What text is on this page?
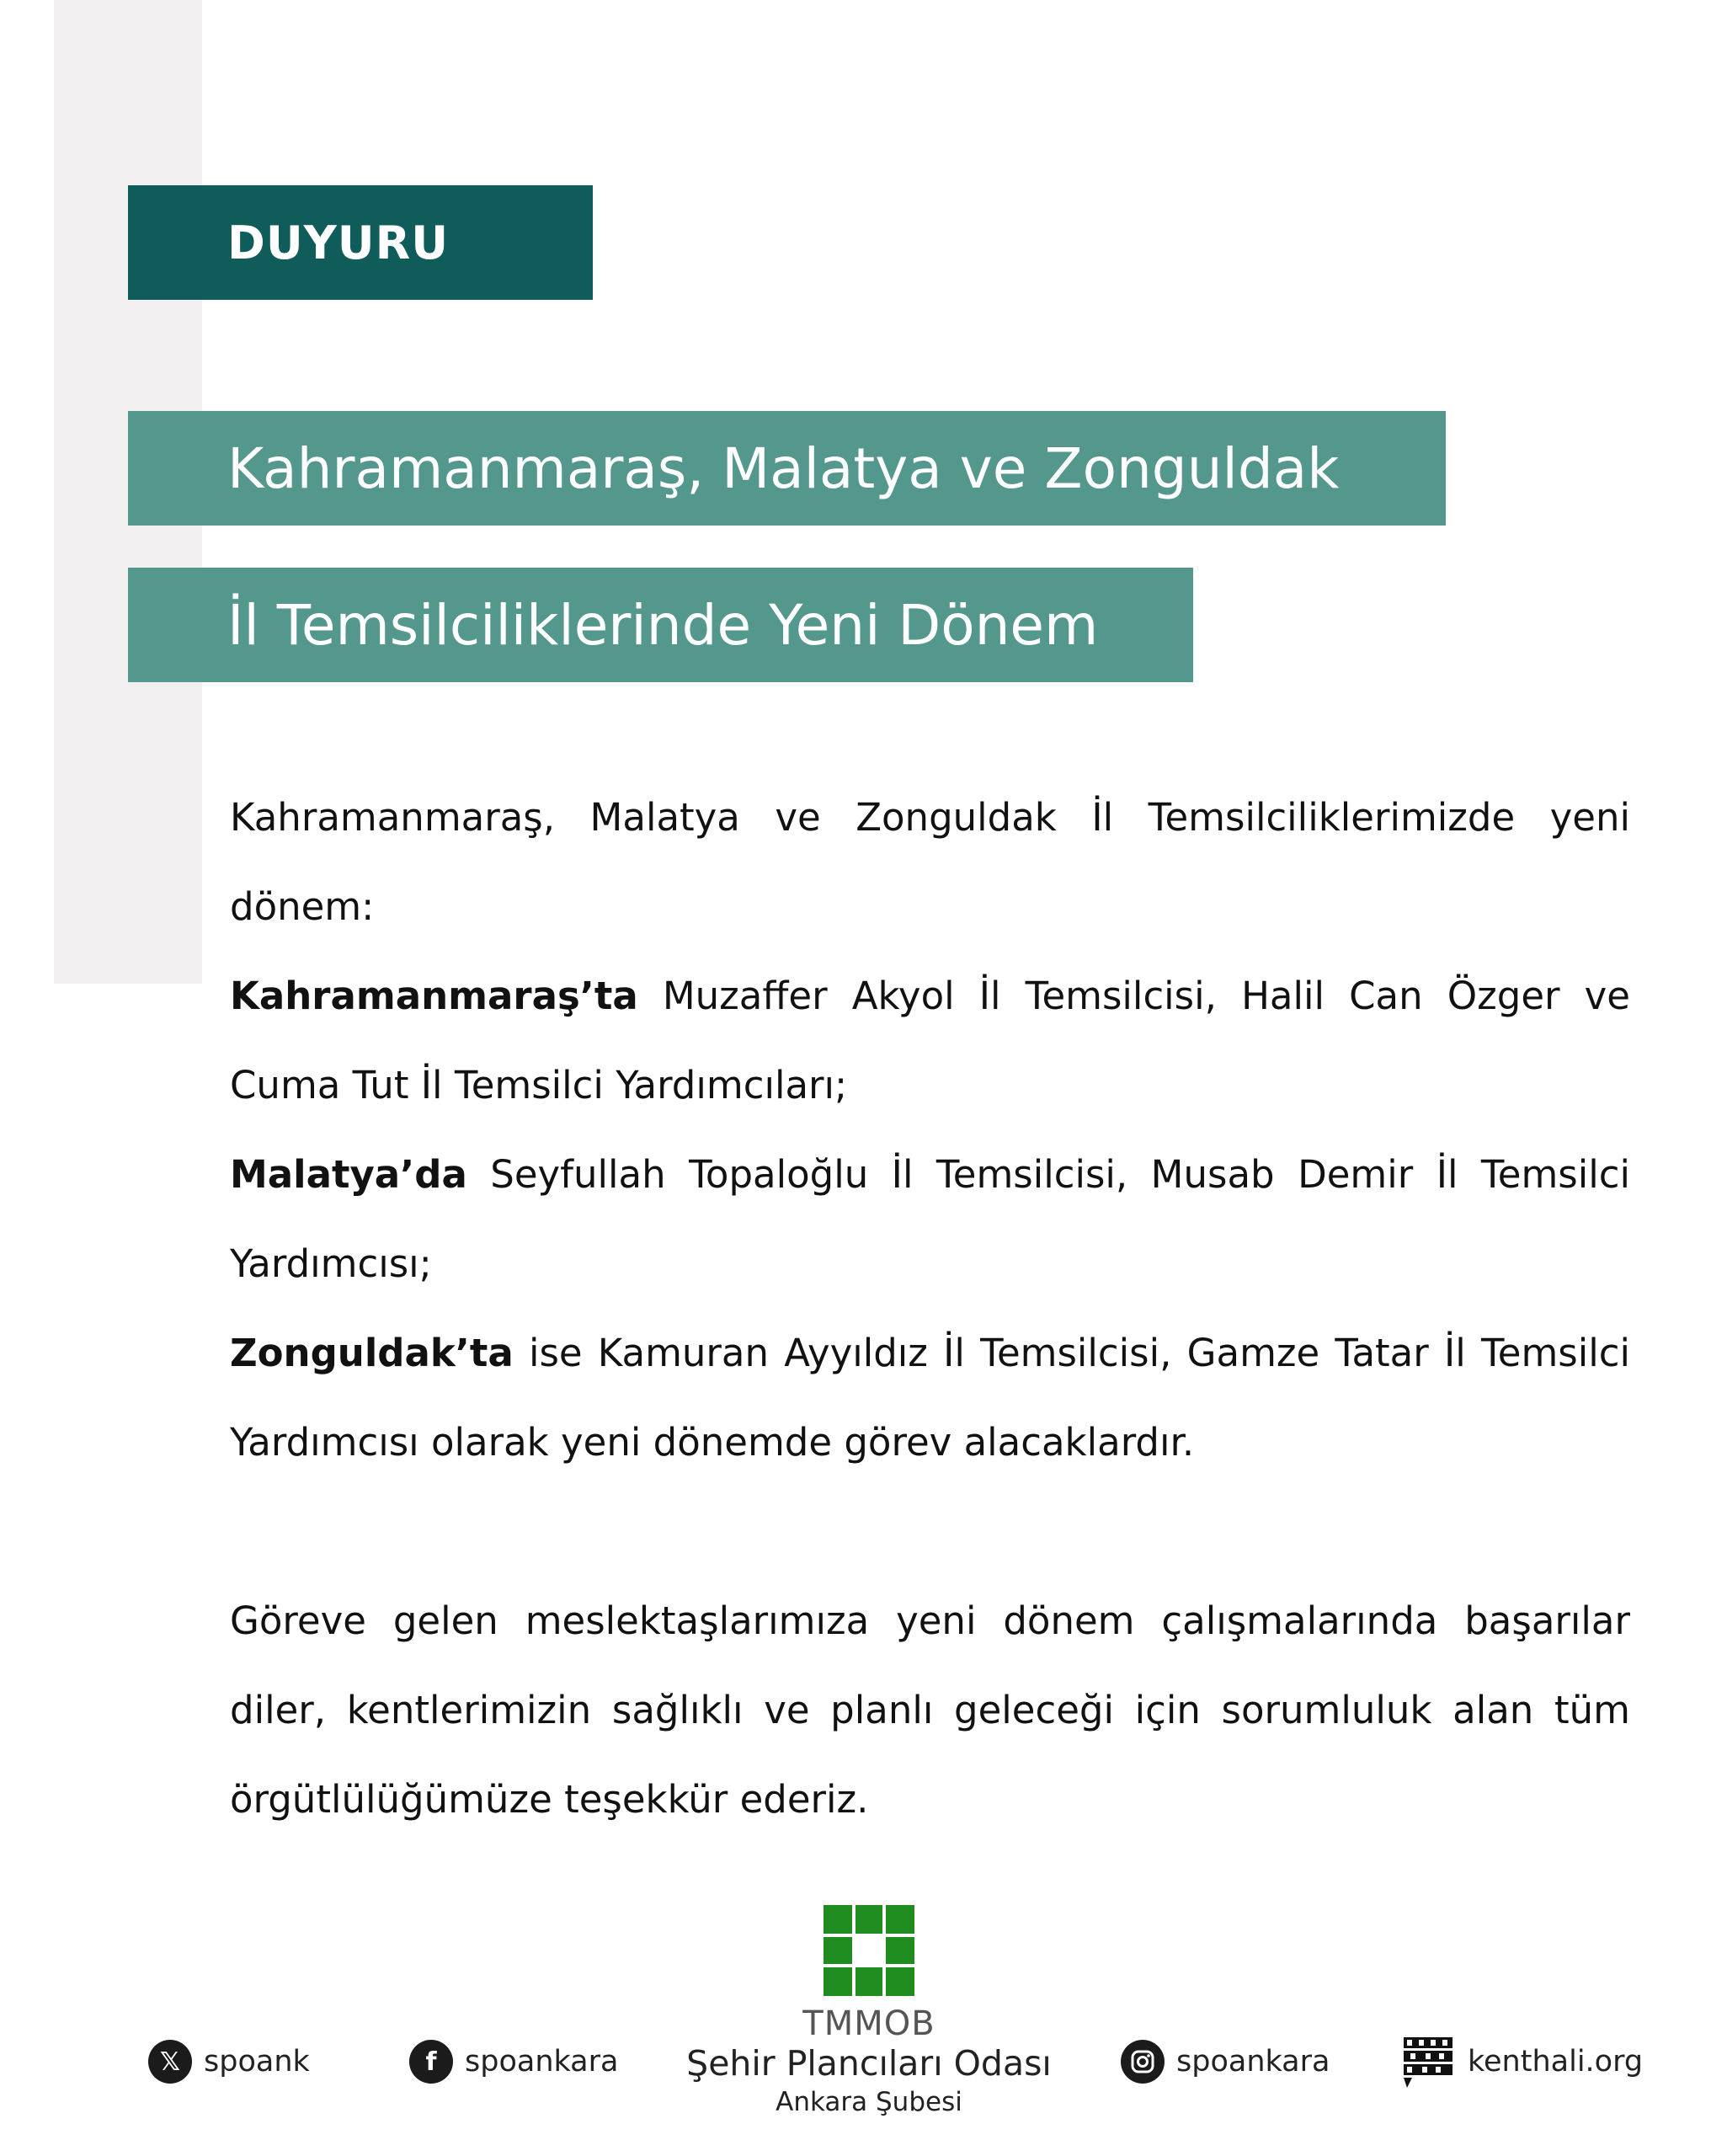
DUYURU
Kahramanmaraş, Malatya ve Zonguldak
İl Temsilciliklerinde Yeni Dönem

Kahramanmaraş, Malatya ve Zonguldak İl Temsilciliklerimizde yeni dönem:

Kahramanmaraş’ta Muzaffer Akyol İl Temsilcisi, Halil Can Özger ve Cuma Tut İl Temsilci Yardımcıları;

Malatya’da Seyfullah Topaloğlu İl Temsilcisi, Musab Demir İl Temsilci Yardımcısı;

Zonguldak’ta ise Kamuran Ayyıldız İl Temsilcisi, Gamze Tatar İl Temsilci Yardımcısı olarak yeni dönemde görev alacaklardır.

Göreve gelen meslektaşlarımıza yeni dönem çalışmalarında başarılar diler, kentlerimizin sağlıklı ve planlı geleceği için sorumluluk alan tüm örgütlülüğümüze teşekkür ederiz.

𝕏 spoank	f spoankara	spoankara	kenthali.org
TMMOB
Şehir Plancıları Odası
Ankara Şubesi
